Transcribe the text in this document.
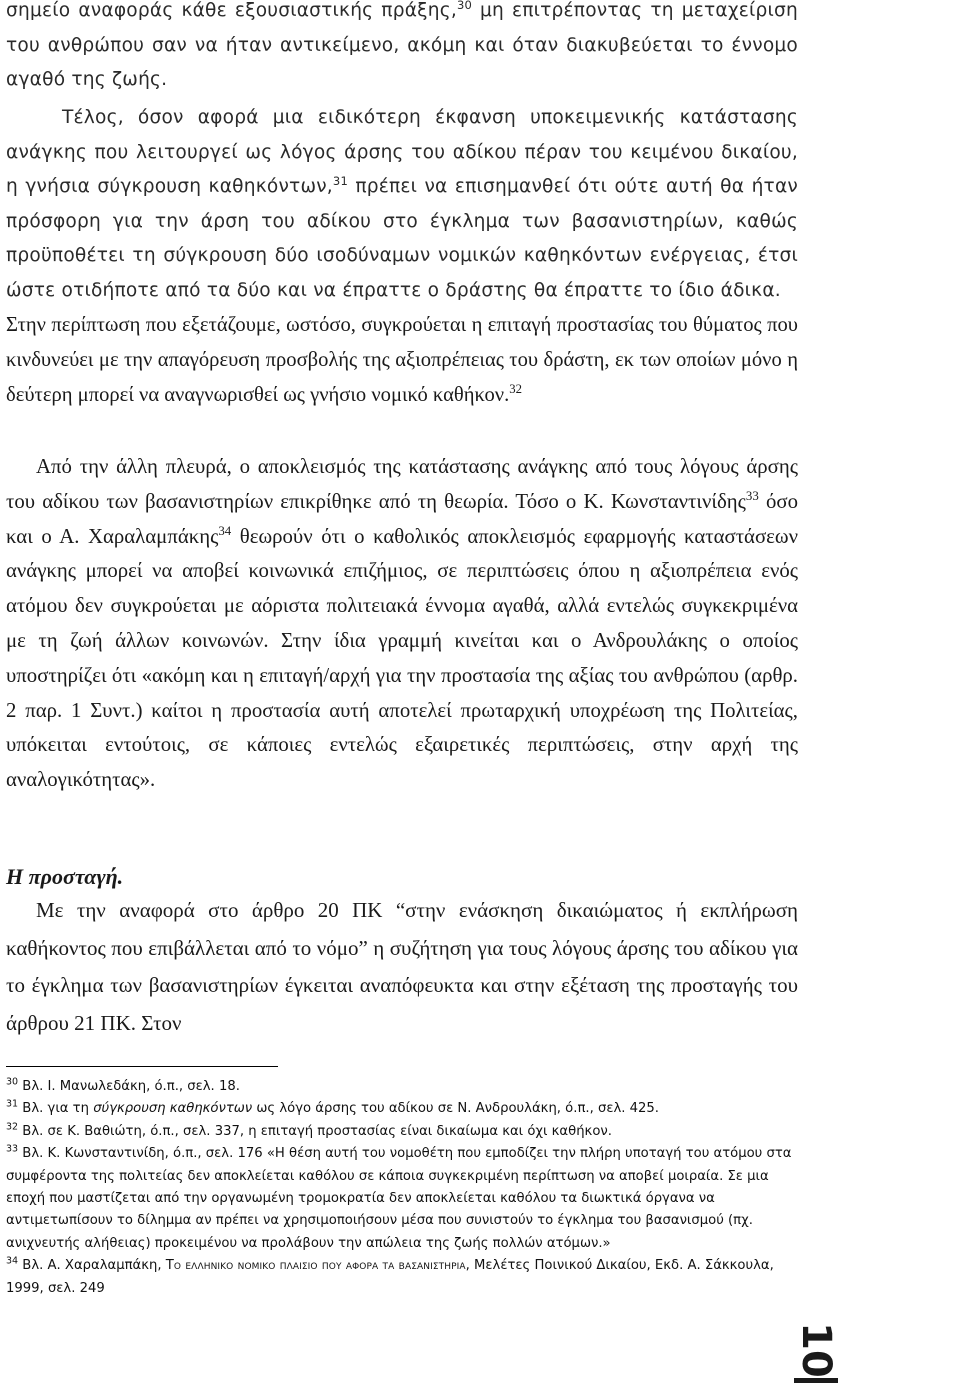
σημείο αναφοράς κάθε εξουσιαστικής πράξης,$^{30}$ μη επιτρέποντας τη μεταχείριση του ανθρώπου σαν να ήταν αντικείμενο, ακόμη και όταν διακυβεύεται το έννομο αγαθό της ζωής.

Τέλος, όσον αφορά μια ειδικότερη έκφανση υποκειμενικής κατάστασης ανάγκης που λειτουργεί ως λόγος άρσης του αδίκου πέραν του κειμένου δικαίου, η γνήσια σύγκρουση καθηκόντων,$^{31}$ πρέπει να επισημανθεί ότι ούτε αυτή θα ήταν πρόσφορη για την άρση του αδίκου στο έγκλημα των βασανιστηρίων, καθώς προϋποθέτει τη σύγκρουση δύο ισοδύναμων νομικών καθηκόντων ενέργειας, έτσι ώστε οτιδήποτε από τα δύο και να έπραττε ο δράστης θα έπραττε το ίδιο άδικα.

Στην περίπτωση που εξετάζουμε, ωστόσο, συγκρούεται η επιταγή προστασίας του θύματος που κινδυνεύει με την απαγόρευση προσβολής της αξιοπρέπειας του δράστη, εκ των οποίων μόνο η δεύτερη μπορεί να αναγνωρισθεί ως γνήσιο νομικό καθήκον.$^{32}$

Από την άλλη πλευρά, ο αποκλεισμός της κατάστασης ανάγκης από τους λόγους άρσης του αδίκου των βασανιστηρίων επικρίθηκε από τη θεωρία. Τόσο ο Κ. Κωνσταντινίδης$^{33}$ όσο και ο Α. Χαραλαμπάκης$^{34}$ θεωρούν ότι ο καθολικός αποκλεισμός εφαρμογής καταστάσεων ανάγκης μπορεί να αποβεί κοινωνικά επιζήμιος, σε περιπτώσεις όπου η αξιοπρέπεια ενός ατόμου δεν συγκρούεται με αόριστα πολιτειακά έννομα αγαθά, αλλά εντελώς συγκεκριμένα με τη ζωή άλλων κοινωνών. Στην ίδια γραμμή κινείται και ο Ανδρουλάκης ο οποίος υποστηρίζει ότι «ακόμη και η επιταγή/αρχή για την προστασία της αξίας του ανθρώπου (αρθρ. 2 παρ. 1 Συντ.) καίτοι η προστασία αυτή αποτελεί πρωταρχική υποχρέωση της Πολιτείας, υπόκειται εντούτοις, σε κάποιες εντελώς εξαιρετικές περιπτώσεις, στην αρχή της αναλογικότητας».

Η προσταγή.

Με την αναφορά στο άρθρο 20 ΠΚ “στην ενάσκηση δικαιώματος ή εκπλήρωση καθήκοντος που επιβάλλεται από το νόμο” η συζήτηση για τους λόγους άρσης του αδίκου για το έγκλημα των βασανιστηρίων έγκειται αναπόφευκτα και στην εξέταση της προσταγής του άρθρου 21 ΠΚ. Στον

$^{30}$ Βλ. Ι. Μανωλεδάκη, ό.π., σελ. 18.

$^{31}$ Βλ. για τη σύγκρουση καθηκόντων ως λόγο άρσης του αδίκου σε Ν. Ανδρουλάκη, ό.π., σελ. 425.

$^{32}$ Βλ. σε Κ. Βαθιώτη, ό.π., σελ. 337, η επιταγή προστασίας είναι δικαίωμα και όχι καθήκον.

$^{33}$ Βλ. Κ. Κωνσταντινίδη, ό.π., σελ. 176 «Η θέση αυτή του νομοθέτη που εμποδίζει την πλήρη υποταγή του ατόμου στα συμφέροντα της πολιτείας δεν αποκλείεται καθόλου σε κάποια συγκεκριμένη περίπτωση να αποβεί μοιραία. Σε μια εποχή που μαστίζεται από την οργανωμένη τρομοκρατία δεν αποκλείεται καθόλου τα διωκτικά όργανα να αντιμετωπίσουν το δίλημμα αν πρέπει να χρησιμοποιήσουν μέσα που συνιστούν το έγκλημα του βασανισμού (πχ. ανιχνευτής αλήθειας) προκειμένου να προλάβουν την απώλεια της ζωής πολλών ατόμων.»

$^{34}$ Βλ. Α. Χαραλαμπάκη, Το ελληνικο νομικο πλαισιο που αφορα τα βασανιστηρια, Μελέτες Ποινικού Δικαίου, Εκδ. Α. Σάκκουλα, 1999, σελ. 249

10
